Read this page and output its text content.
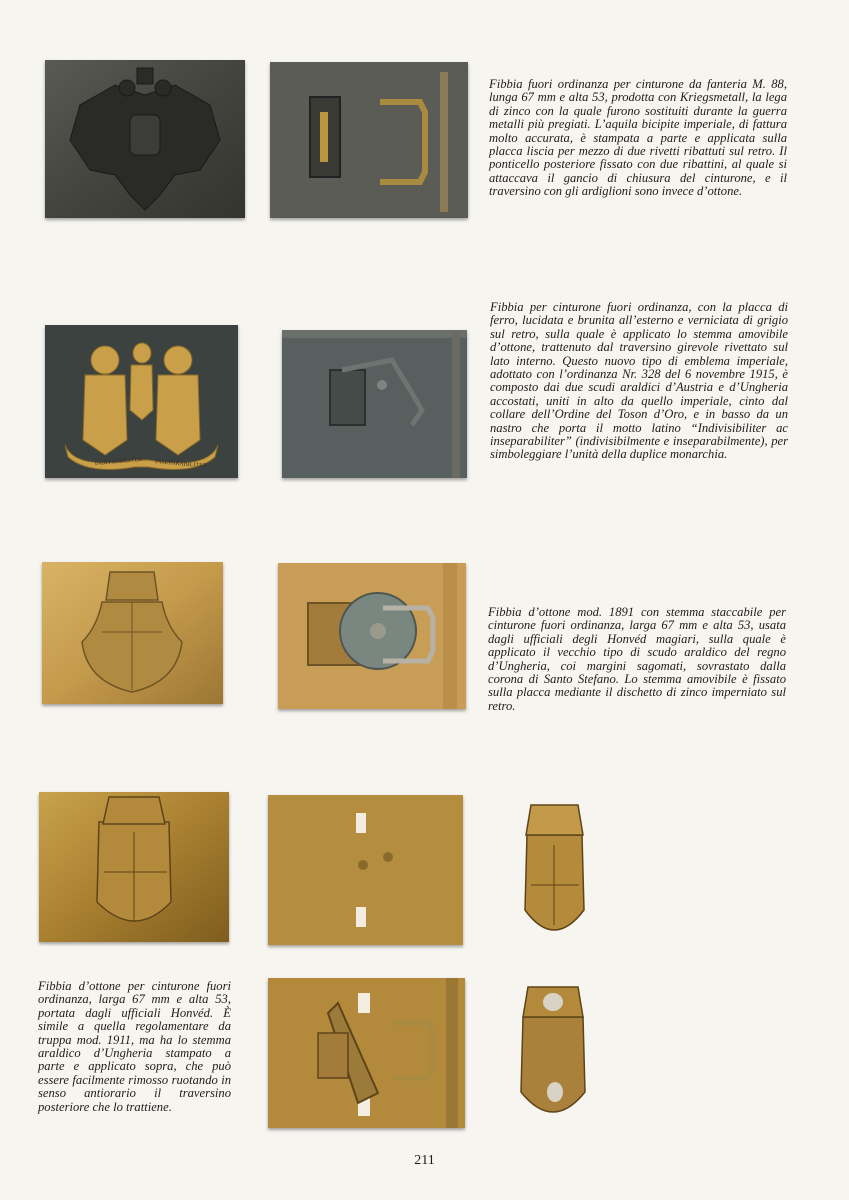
Fibbia fuori ordinanza per cinturone da fanteria M. 88, lunga 67 mm e alta 53, prodotta con Kriegsmetall, la lega di zinco con la quale furono sostituiti durante la guerra metalli più pregiati. L’aquila bicipite imperiale, di fattura molto accurata, è stampata a parte e applicata sulla placca liscia per mezzo di due rivetti ribattuti sul retro. Il ponticello posteriore fissato con due ribattini, al quale si attaccava il gancio di chiusura del cinturone, e il traversino con gli ardiglioni sono invece d’ottone.

INDIVISIBILITER INSEPARABILITER

Fibbia per cinturone fuori ordinanza, con la placca di ferro, lucidata e brunita all’esterno e verniciata di grigio sul retro, sulla quale è applicato lo stemma amovibile d’ottone, trattenuto dal traversino girevole rivettato sul lato interno. Questo nuovo tipo di emblema imperiale, adottato con l’ordinanza Nr. 328 del 6 novembre 1915, è composto dai due scudi araldici d’Austria e d’Ungheria accostati, uniti in alto da quello imperiale, cinto dal collare dell’Ordine del Toson d’Oro, e in basso da un nastro che porta il motto latino “Indivisibiliter ac inseparabiliter” (indivisibilmente e inseparabilmente), per simboleggiare l’unità della duplice monarchia.

Fibbia d’ottone mod. 1891 con stemma staccabile per cinturone fuori ordinanza, larga 67 mm e alta 53, usata dagli ufficiali degli Honvéd magiari, sulla quale è applicato il vecchio tipo di scudo araldico del regno d’Ungheria, coi margini sagomati, sovrastato dalla corona di Santo Stefano. Lo stemma amovibile è fissato sulla placca mediante il dischetto di zinco imperniato sul retro.

Fibbia d’ottone per cinturone fuori ordinanza, larga 67 mm e alta 53, portata dagli ufficiali Honvéd. È simile a quella regolamentare da truppa mod. 1911, ma ha lo stemma araldico d’Ungheria stampato a parte e applicato sopra, che può essere facilmente rimosso ruotando in senso antiorario il traversino posteriore che lo trattiene.

211
